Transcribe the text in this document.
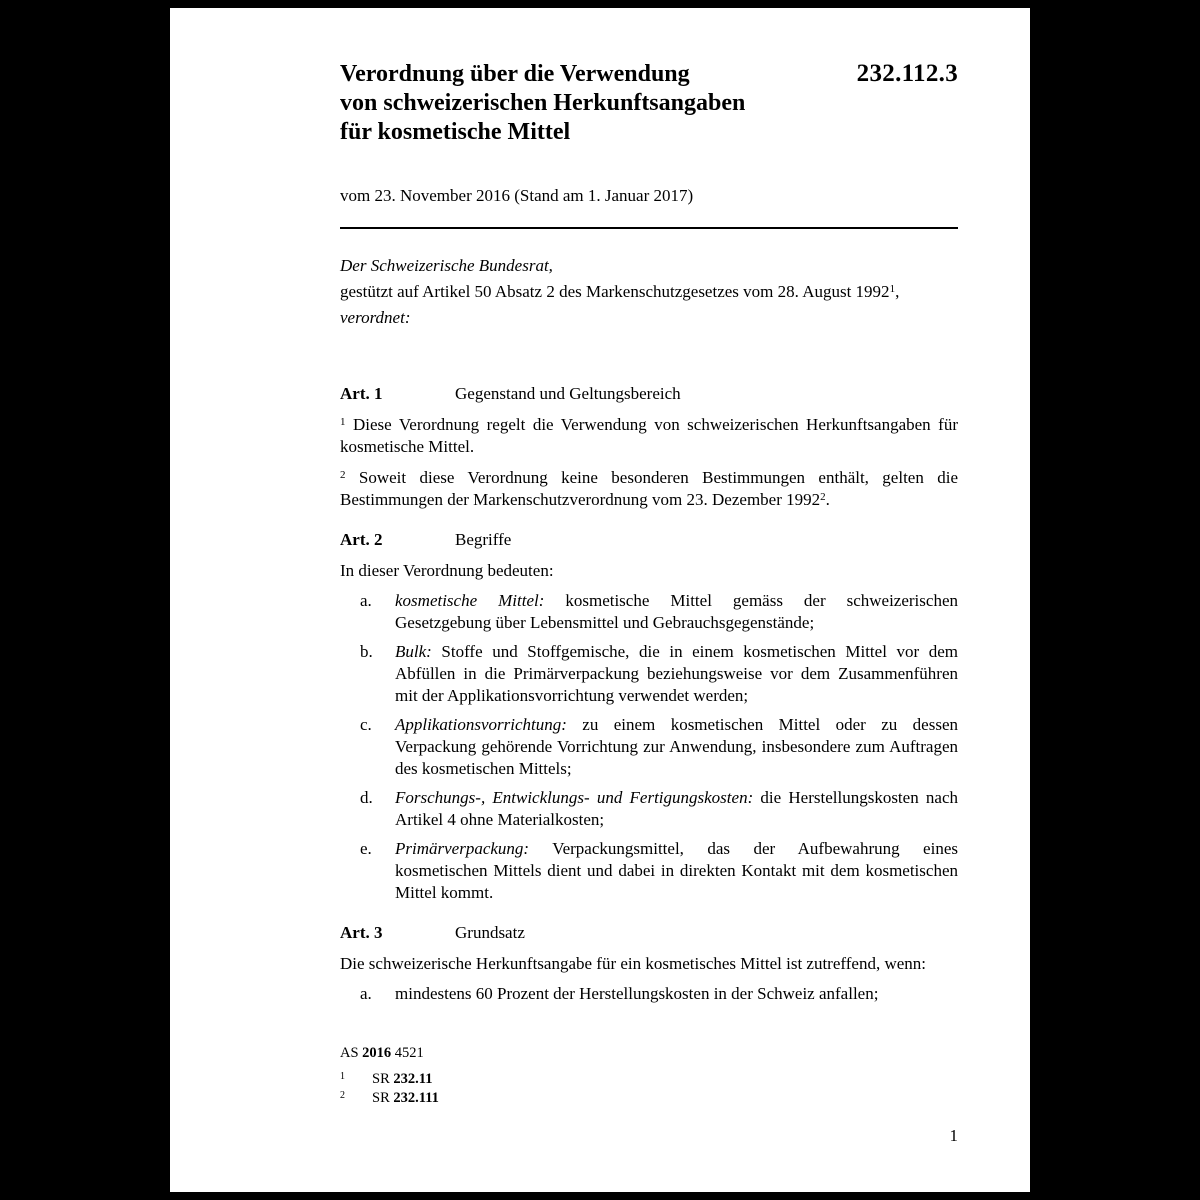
Verordnung über die Verwendung
von schweizerischen Herkunftsangaben
für kosmetische Mittel
232.112.3
vom 23. November 2016 (Stand am 1. Januar 2017)

Der Schweizerische Bundesrat,

gestützt auf Artikel 50 Absatz 2 des Markenschutzgesetzes vom 28. August 1992$^1$,

verordnet:

Art. 1	Gegenstand und Geltungsbereich

$^1$ Diese Verordnung regelt die Verwendung von schweizerischen Herkunftsangaben für kosmetische Mittel.

$^2$ Soweit diese Verordnung keine besonderen Bestimmungen enthält, gelten die Bestimmungen der Markenschutzverordnung vom 23. Dezember 1992$^2$.

Art. 2	Begriffe

In dieser Verordnung bedeuten:

a.	kosmetische Mittel: kosmetische Mittel gemäss der schweizerischen Gesetzgebung über Lebensmittel und Gebrauchsgegenstände;
b.	Bulk: Stoffe und Stoffgemische, die in einem kosmetischen Mittel vor dem Abfüllen in die Primärverpackung beziehungsweise vor dem Zusammenführen mit der Applikationsvorrichtung verwendet werden;
c.	Applikationsvorrichtung: zu einem kosmetischen Mittel oder zu dessen Verpackung gehörende Vorrichtung zur Anwendung, insbesondere zum Auftragen des kosmetischen Mittels;
d.	Forschungs-, Entwicklungs- und Fertigungskosten: die Herstellungskosten nach Artikel 4 ohne Materialkosten;
e.	Primärverpackung: Verpackungsmittel, das der Aufbewahrung eines kosmetischen Mittels dient und dabei in direkten Kontakt mit dem kosmetischen Mittel kommt.
Art. 3	Grundsatz

Die schweizerische Herkunftsangabe für ein kosmetisches Mittel ist zutreffend, wenn:

a.	mindestens 60 Prozent der Herstellungskosten in der Schweiz anfallen;

AS 2016 4521

1	SR 232.11
2	SR 232.111
1
